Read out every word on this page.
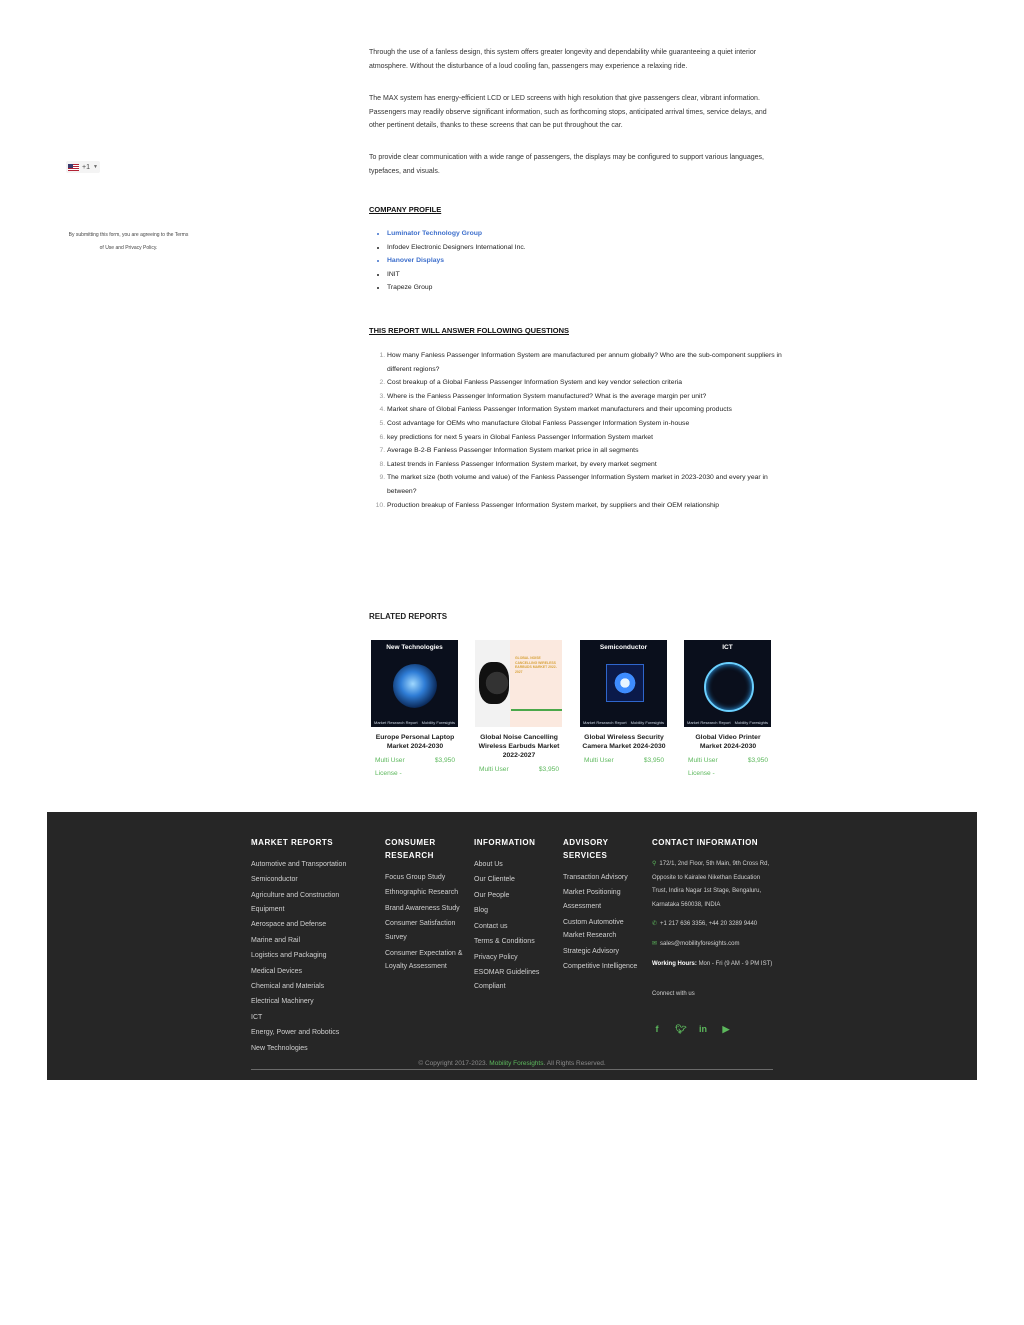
Through the use of a fanless design, this system offers greater longevity and dependability while guaranteeing a quiet interior atmosphere. Without the disturbance of a loud cooling fan, passengers may experience a relaxing ride.

The MAX system has energy-efficient LCD or LED screens with high resolution that give passengers clear, vibrant information. Passengers may readily observe significant information, such as forthcoming stops, anticipated arrival times, service delays, and other pertinent details, thanks to these screens that can be put throughout the car.

To provide clear communication with a wide range of passengers, the displays may be configured to support various languages, typefaces, and visuals.

+1 ▼

By submitting this form, you are agreeing to the Terms of Use and Privacy Policy.

COMPANY PROFILE

• Luminator Technology Group
• Infodev Electronic Designers International Inc.
• Hanover Displays
• INIT
• Trapeze Group

THIS REPORT WILL ANSWER FOLLOWING QUESTIONS

1. How many Fanless Passenger Information System are manufactured per annum globally? Who are the sub-component suppliers in different regions?
2. Cost breakup of a Global Fanless Passenger Information System and key vendor selection criteria
3. Where is the Fanless Passenger Information System manufactured? What is the average margin per unit?
4. Market share of Global Fanless Passenger Information System market manufacturers and their upcoming products
5. Cost advantage for OEMs who manufacture Global Fanless Passenger Information System in-house
6. key predictions for next 5 years in Global Fanless Passenger Information System market
7. Average B-2-B Fanless Passenger Information System market price in all segments
8. Latest trends in Fanless Passenger Information System market, by every market segment
9. The market size (both volume and value) of the Fanless Passenger Information System market in 2023-2030 and every year in between?
10. Production breakup of Fanless Passenger Information System market, by suppliers and their OEM relationship

RELATED REPORTS

New Technologies
Market Research Report Mobility Foresights

Europe Personal Laptop Market 2024-2030

Multi User License -
$3,950
GLOBAL NOISE CANCELLING WIRELESS EARBUDS MARKET 2022-2027

Global Noise Cancelling Wireless Earbuds Market 2022-2027

Multi User	$3,950
Semiconductor
Market Research Report Mobility Foresights

Global Wireless Security Camera Market 2024-2030

Multi User	$3,950
ICT
Market Research Report Mobility Foresights

Global Video Printer Market 2024-2030

Multi User License -
$3,950
MARKET REPORTS
Automotive and Transportation
Semiconductor
Agriculture and Construction Equipment
Aerospace and Defense
Marine and Rail
Logistics and Packaging
Medical Devices
Chemical and Materials
Electrical Machinery
ICT
Energy, Power and Robotics
New Technologies
CONSUMER RESEARCH
Focus Group Study
Ethnographic Research
Brand Awareness Study
Consumer Satisfaction Survey
Consumer Expectation & Loyalty Assessment
INFORMATION
About Us
Our Clientele
Our People
Blog
Contact us
Terms & Conditions
Privacy Policy
ESOMAR Guidelines Compliant
ADVISORY SERVICES
Transaction Advisory
Market Positioning Assessment
Custom Automotive Market Research
Strategic Advisory
Competitive Intelligence
CONTACT INFORMATION
⚲ 172/1, 2nd Floor, 5th Main, 9th Cross Rd, Opposite to Kairalee Nikethan Education Trust, Indira Nagar 1st Stage, Bengaluru, Karnataka 560038, INDIA
✆ +1 217 636 3356, +44 20 3289 9440
✉ sales@mobilityforesights.com
Working Hours: Mon - Fri (9 AM - 9 PM IST)
Connect with us
f	🐦︎ in ▶
© Copyright 2017-2023. Mobility Foresights. All Rights Reserved.
